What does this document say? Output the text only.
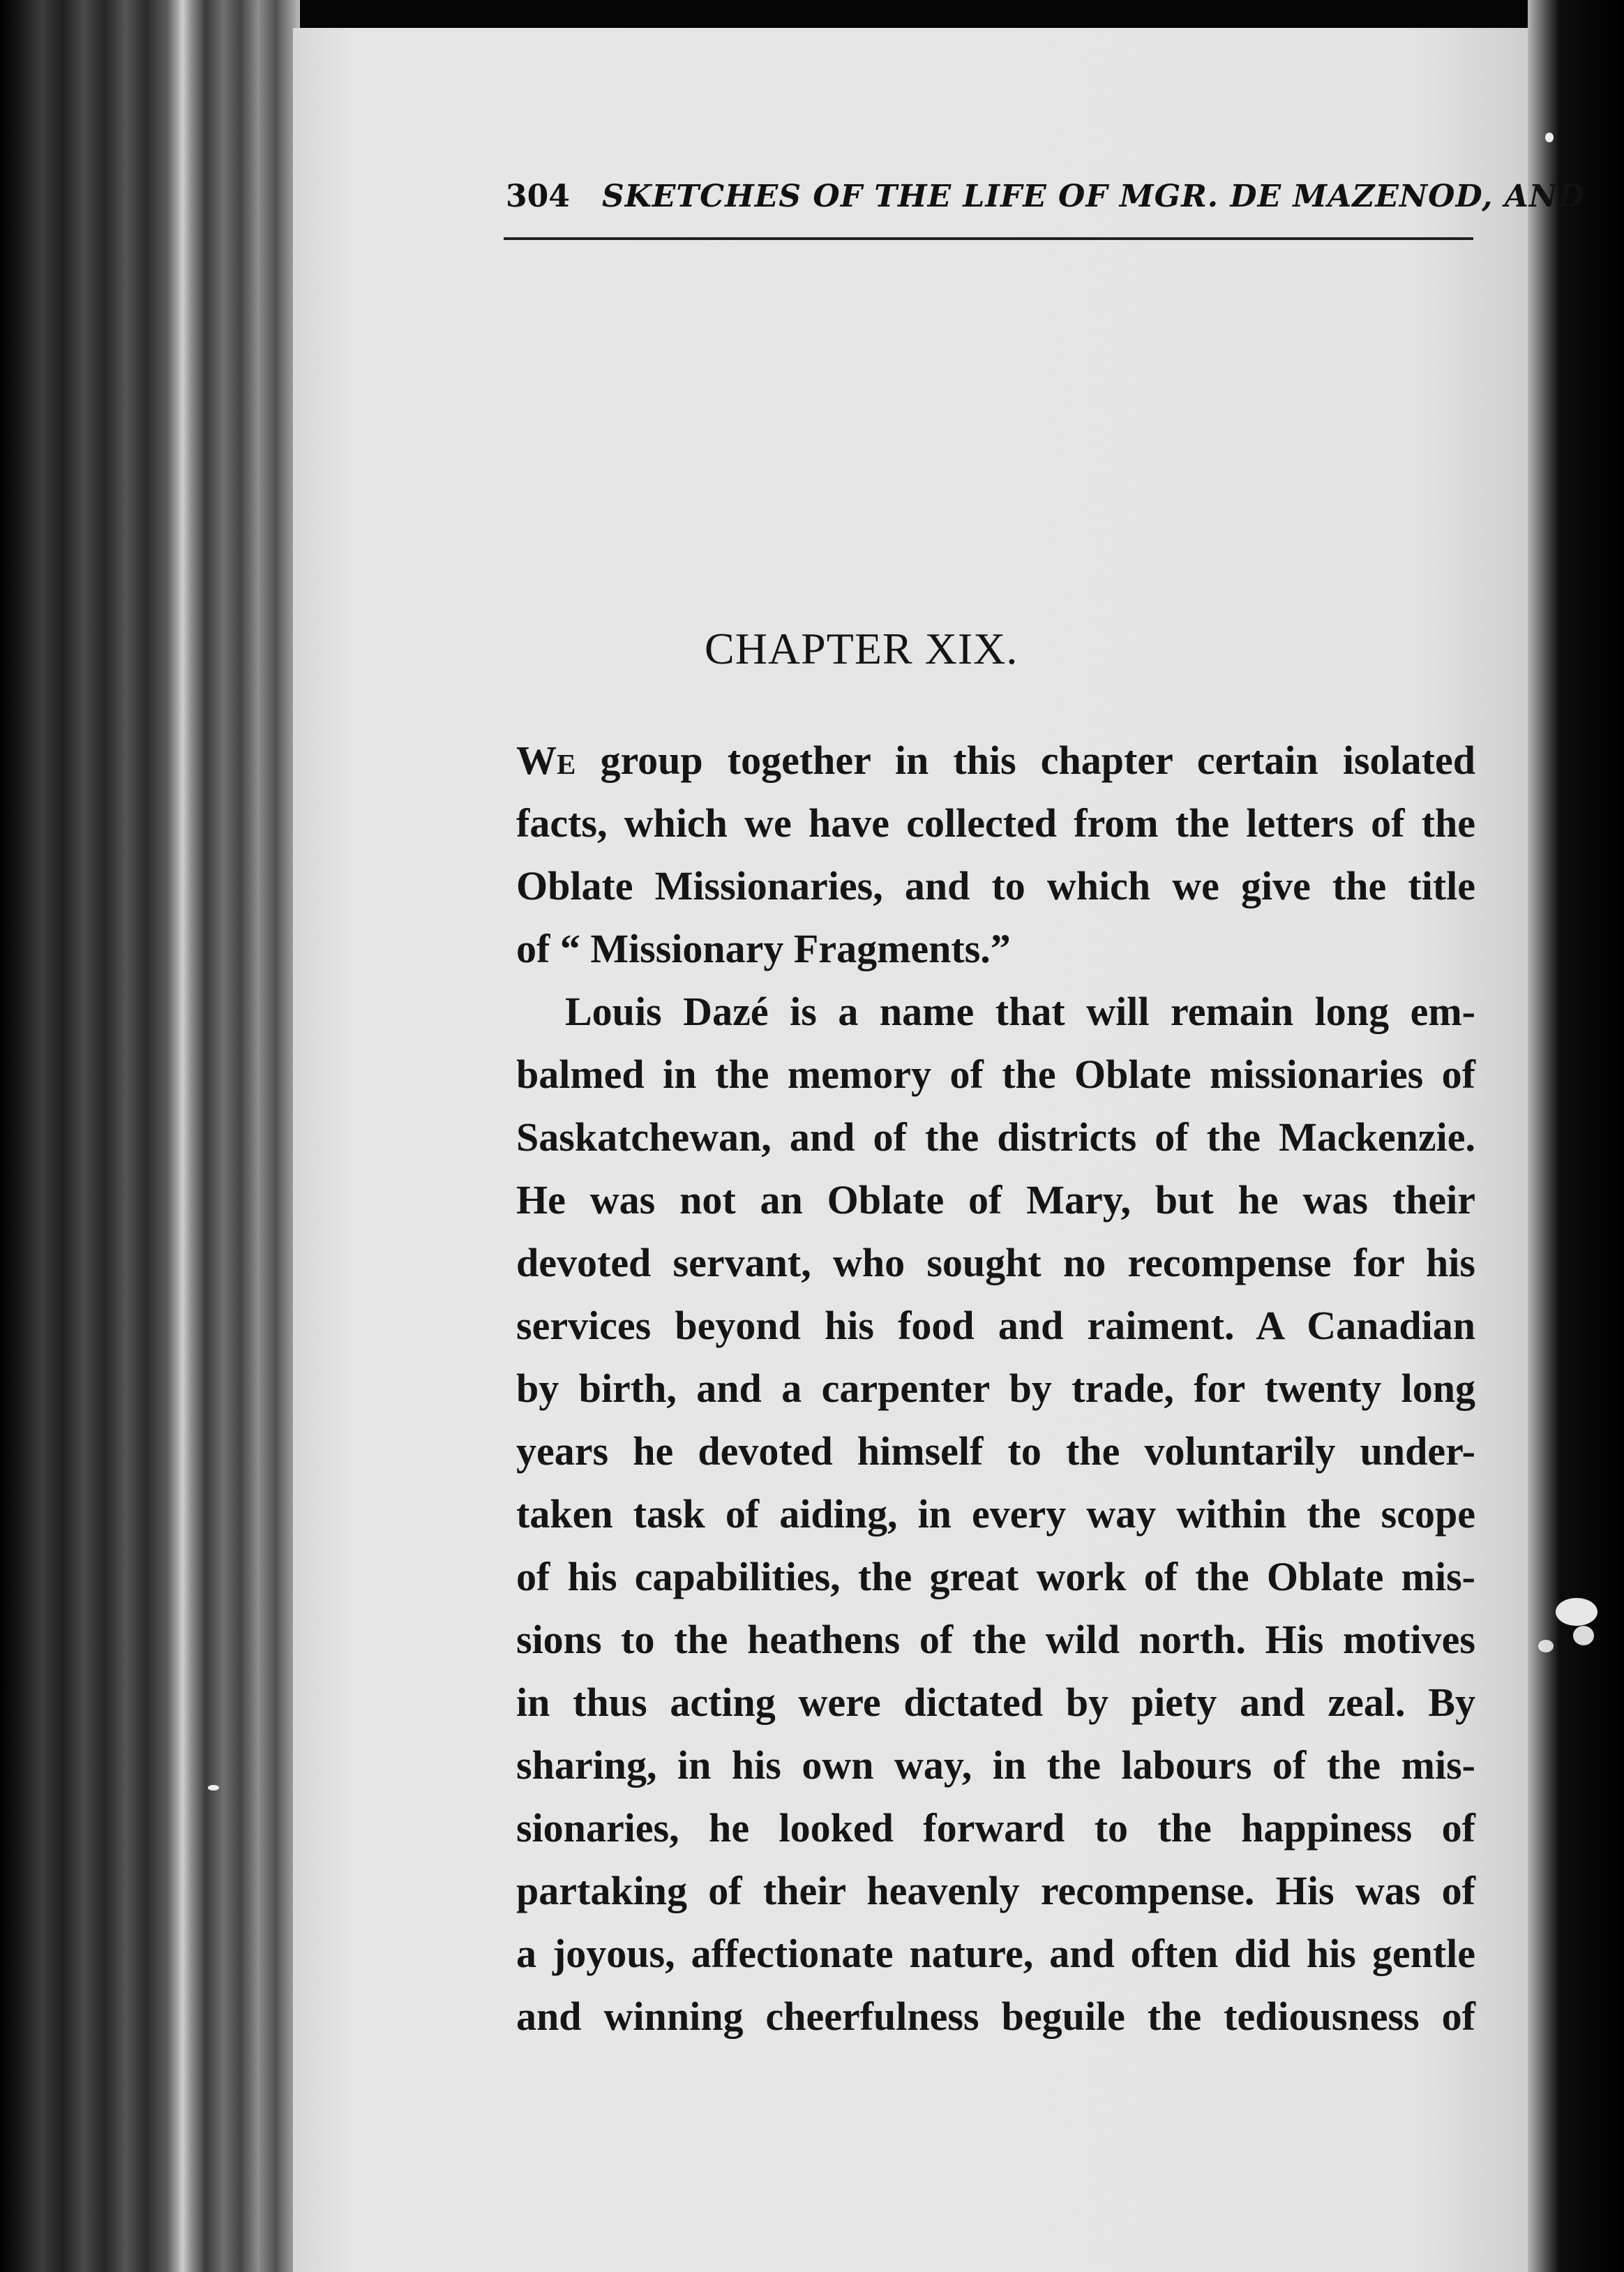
304 SKETCHES OF THE LIFE OF MGR. DE MAZENOD, AND
CHAPTER XIX.
We group together in this chapter certain isolated
facts, which we have collected from the letters of the
Oblate Missionaries, and to which we give the title
of “ Missionary Fragments.”
Louis Dazé is a name that will remain long em-
balmed in the memory of the Oblate missionaries of
Saskatchewan, and of the districts of the Mackenzie.
He was not an Oblate of Mary, but he was their
devoted servant, who sought no recompense for his
services beyond his food and raiment. A Canadian
by birth, and a carpenter by trade, for twenty long
years he devoted himself to the voluntarily under-
taken task of aiding, in every way within the scope
of his capabilities, the great work of the Oblate mis-
sions to the heathens of the wild north. His motives
in thus acting were dictated by piety and zeal. By
sharing, in his own way, in the labours of the mis-
sionaries, he looked forward to the happiness of
partaking of their heavenly recompense. His was of
a joyous, affectionate nature, and often did his gentle
and winning cheerfulness beguile the tediousness of
